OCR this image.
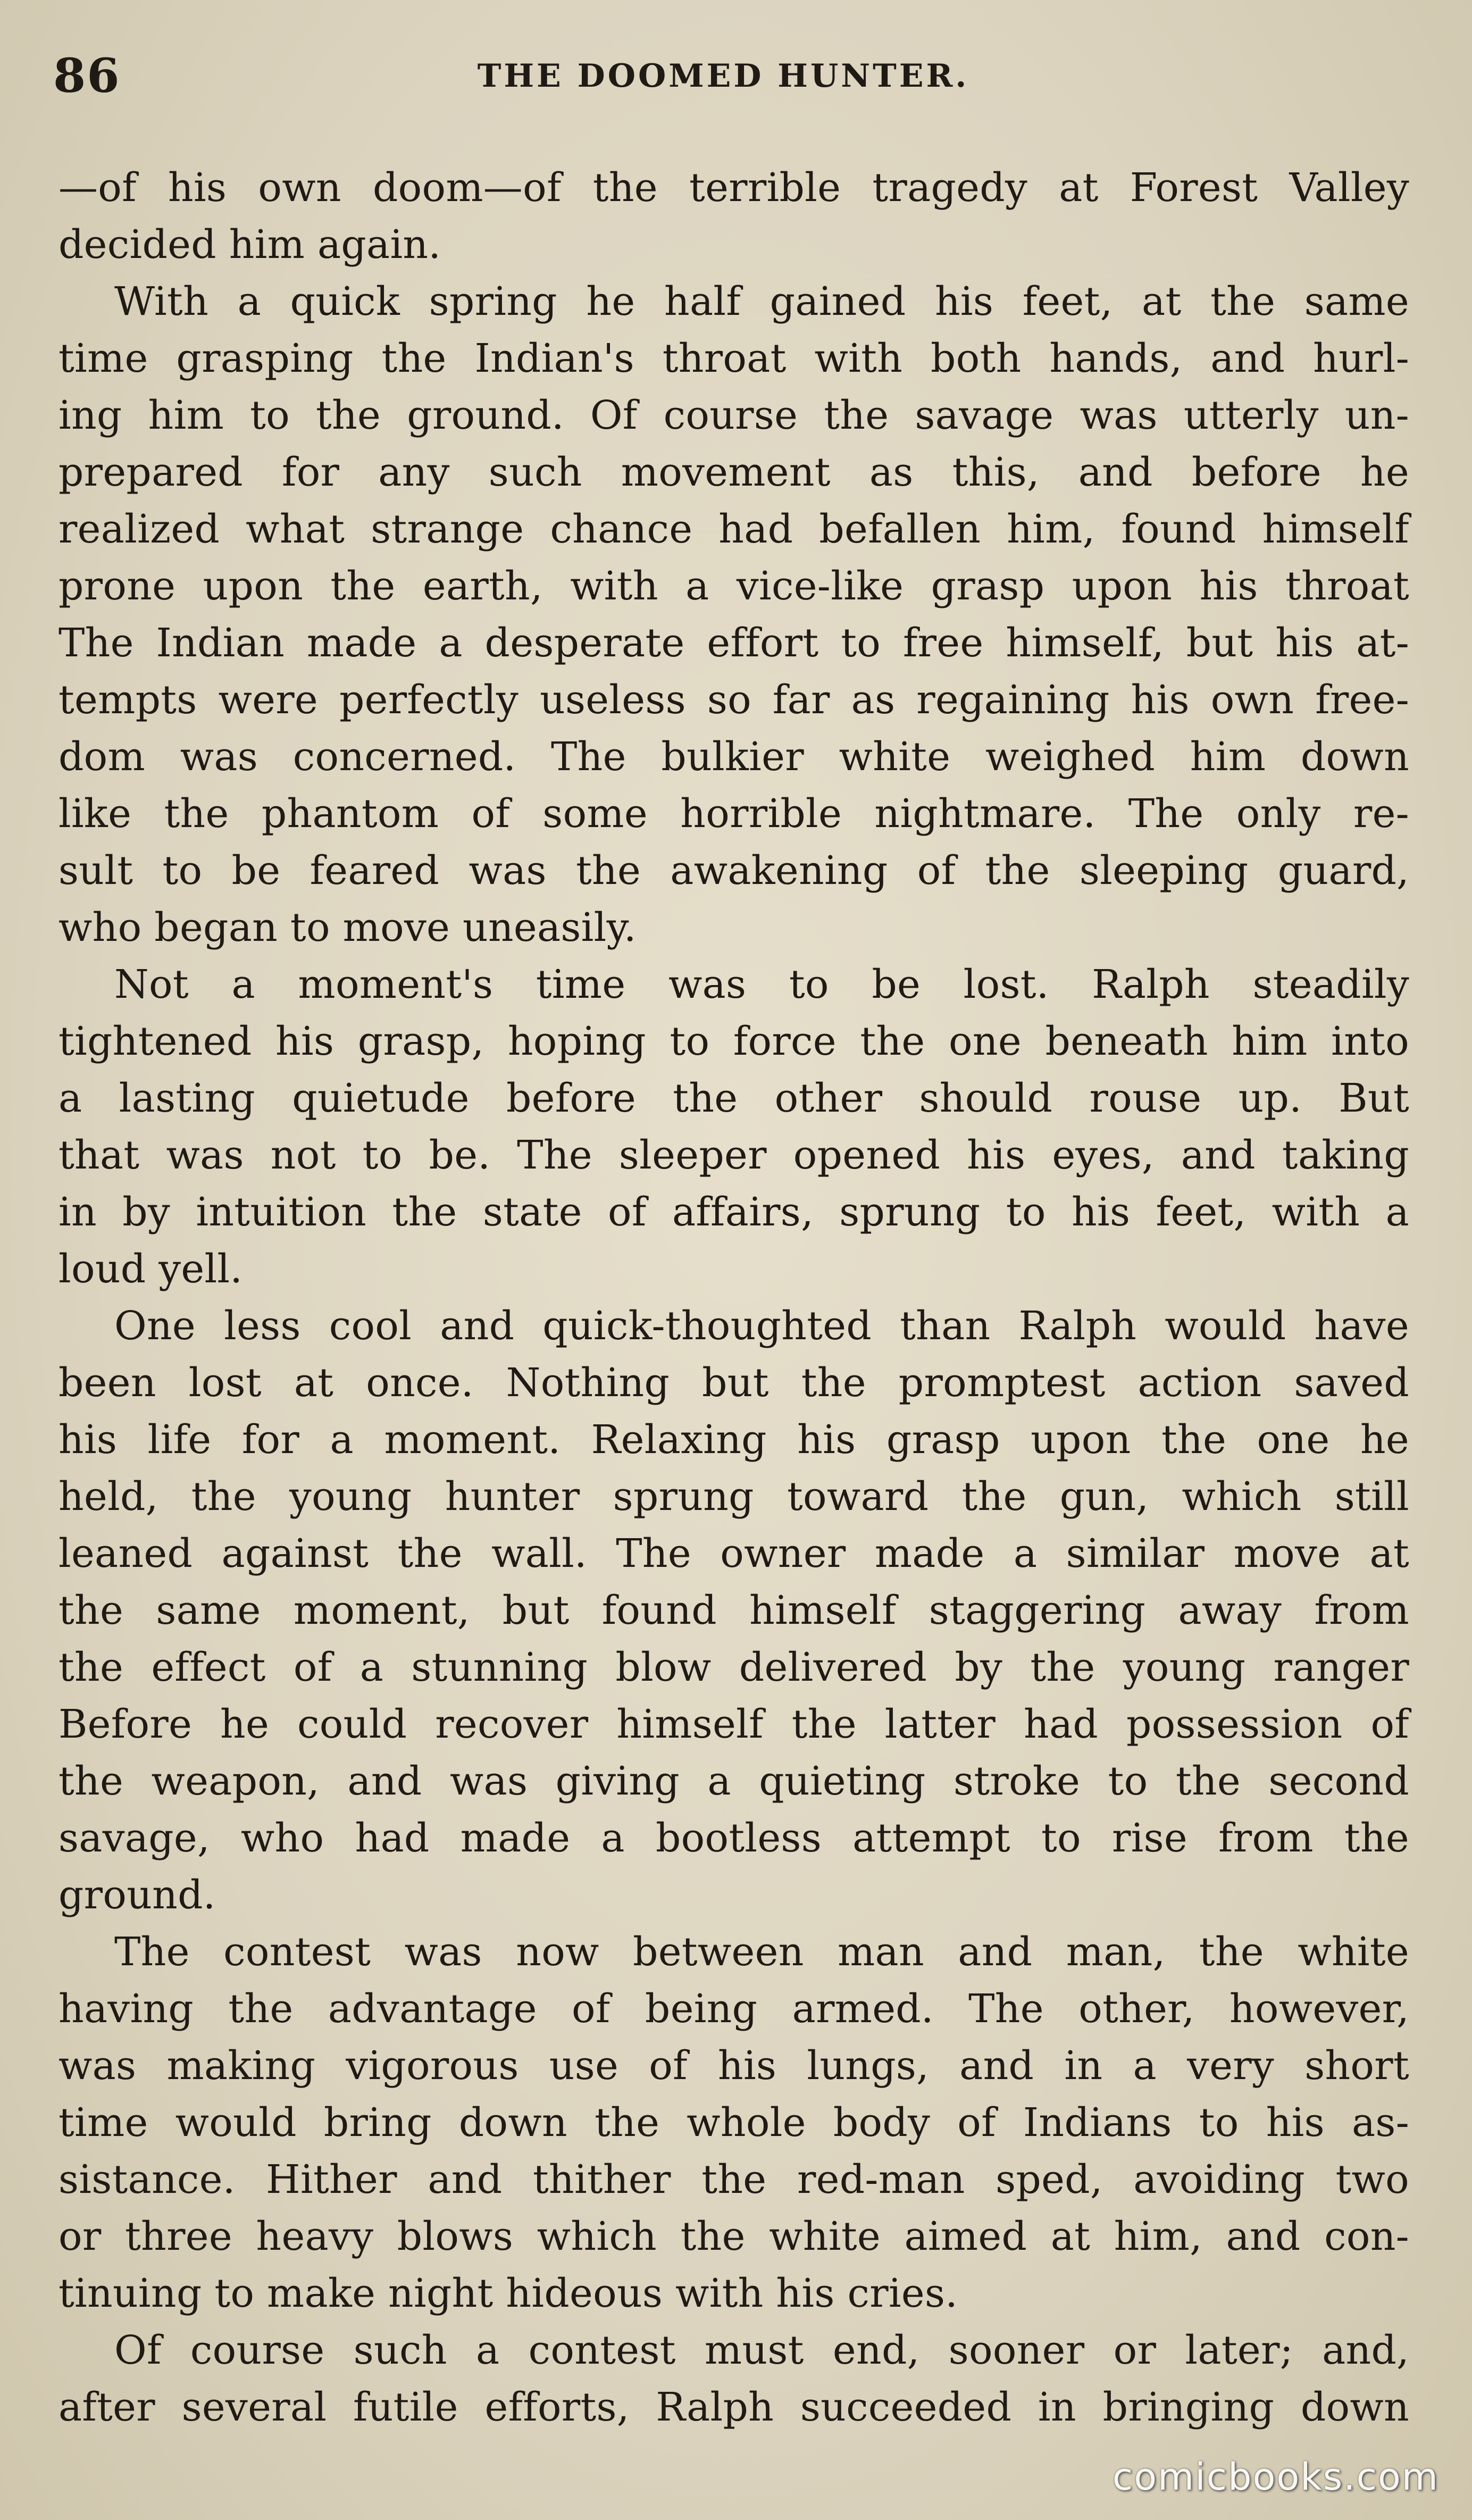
86	THE DOOMED HUNTER.

—of his own doom—of the terrible tragedy at Forest Valley

decided him again.

With a quick spring he half gained his feet, at the same

time grasping the Indian's throat with both hands, and hurl-

ing him to the ground. Of course the savage was utterly un-

prepared for any such movement as this, and before he

realized what strange chance had befallen him, found himself

prone upon the earth, with a vice-like grasp upon his throat

The Indian made a desperate effort to free himself, but his at-

tempts were perfectly useless so far as regaining his own free-

dom was concerned. The bulkier white weighed him down

like the phantom of some horrible nightmare. The only re-

sult to be feared was the awakening of the sleeping guard,

who began to move uneasily.

Not a moment's time was to be lost. Ralph steadily

tightened his grasp, hoping to force the one beneath him into

a lasting quietude before the other should rouse up. But

that was not to be. The sleeper opened his eyes, and taking

in by intuition the state of affairs, sprung to his feet, with a

loud yell.

One less cool and quick-thoughted than Ralph would have

been lost at once. Nothing but the promptest action saved

his life for a moment. Relaxing his grasp upon the one he

held, the young hunter sprung toward the gun, which still

leaned against the wall. The owner made a similar move at

the same moment, but found himself staggering away from

the effect of a stunning blow delivered by the young ranger

Before he could recover himself the latter had possession of

the weapon, and was giving a quieting stroke to the second

savage, who had made a bootless attempt to rise from the

ground.

The contest was now between man and man, the white

having the advantage of being armed. The other, however,

was making vigorous use of his lungs, and in a very short

time would bring down the whole body of Indians to his as-

sistance. Hither and thither the red-man sped, avoiding two

or three heavy blows which the white aimed at him, and con-

tinuing to make night hideous with his cries.

Of course such a contest must end, sooner or later; and,

after several futile efforts, Ralph succeeded in bringing down

comicbooks.com
